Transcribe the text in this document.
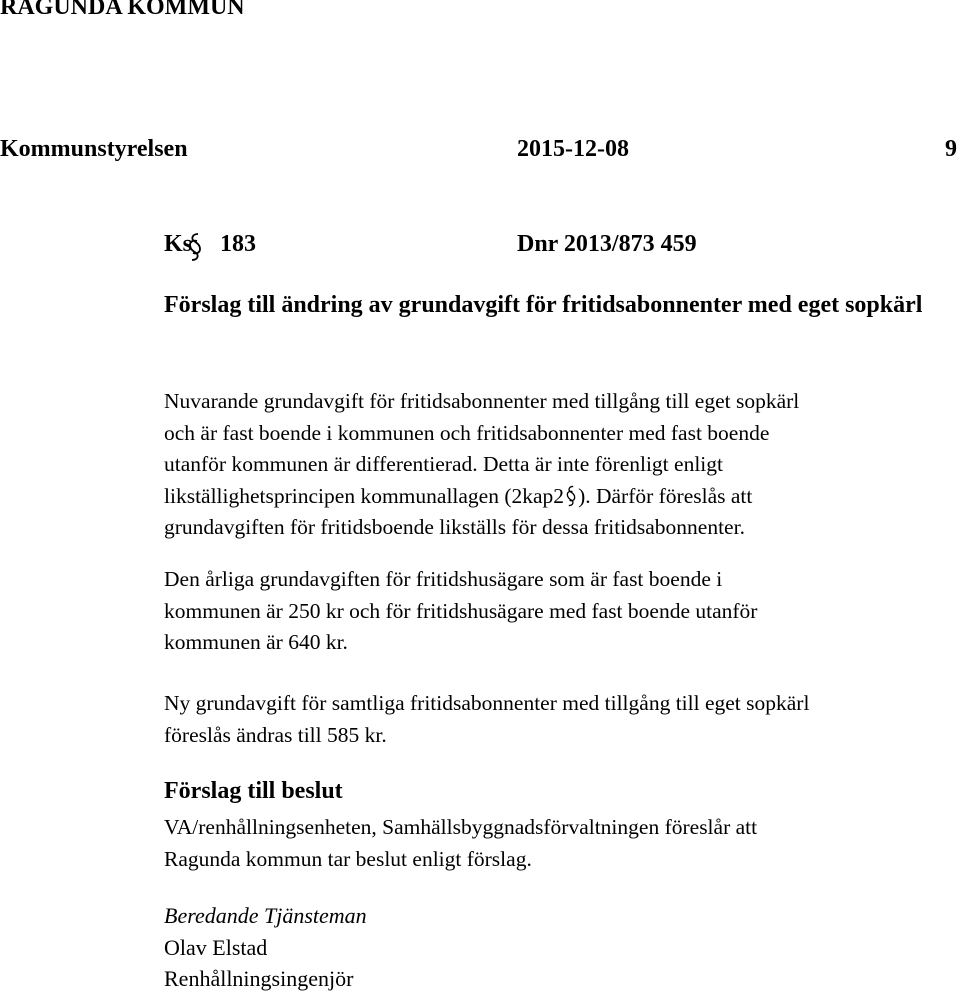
RAGUNDA KOMMUN
Kommunstyrelsen	2015-12-08	9
Ks 183	Dnr 2013/873 459
Förslag till ändring av grundavgift för fritidsabonnenter med eget sopkärl
Nuvarande grundavgift för fritidsabonnenter med tillgång till eget sopkärl
och är fast boende i kommunen och fritidsabonnenter med fast boende
utanför kommunen är differentierad. Detta är inte förenligt enligt
likställighetsprincipen kommunallagen (2kap2 ). Därför föreslås att
grundavgiften för fritidsboende likställs för dessa fritidsabonnenter.
Den årliga grundavgiften för fritidshusägare som är fast boende i
kommunen är 250 kr och för fritidshusägare med fast boende utanför
kommunen är 640 kr.
Ny grundavgift för samtliga fritidsabonnenter med tillgång till eget sopkärl
föreslås ändras till 585 kr.
Förslag till beslut
VA/renhållningsenheten, Samhällsbyggnadsförvaltningen föreslår att
Ragunda kommun tar beslut enligt förslag.
Beredande Tjänsteman
Olav Elstad
Renhållningsingenjör
